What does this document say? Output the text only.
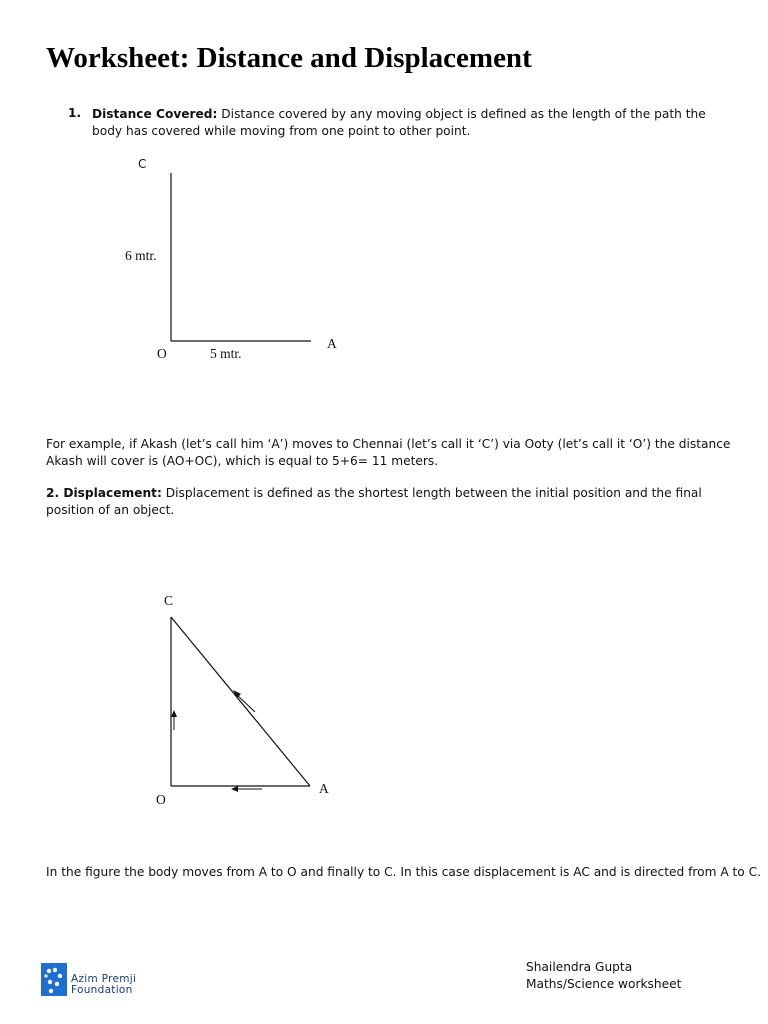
Worksheet: Distance and Displacement
1. Distance Covered: Distance covered by any moving object is defined as the length of the path the body has covered while moving from one point to other point.
C
6 mtr.
O	5 mtr.
A
For example, if Akash (let’s call him ‘A’) moves to Chennai (let’s call it ‘C’) via Ooty (let’s call it ‘O’) the distance Akash will cover is (AO+OC), which is equal to 5+6= 11 meters.
2. Displacement: Displacement is defined as the shortest length between the initial position and the final position of an object.
C
O
A
In the figure the body moves from A to O and finally to C. In this case displacement is AC and is directed from A to C.
Azim Premji
Foundation
Shailendra Gupta
Maths/Science worksheet
